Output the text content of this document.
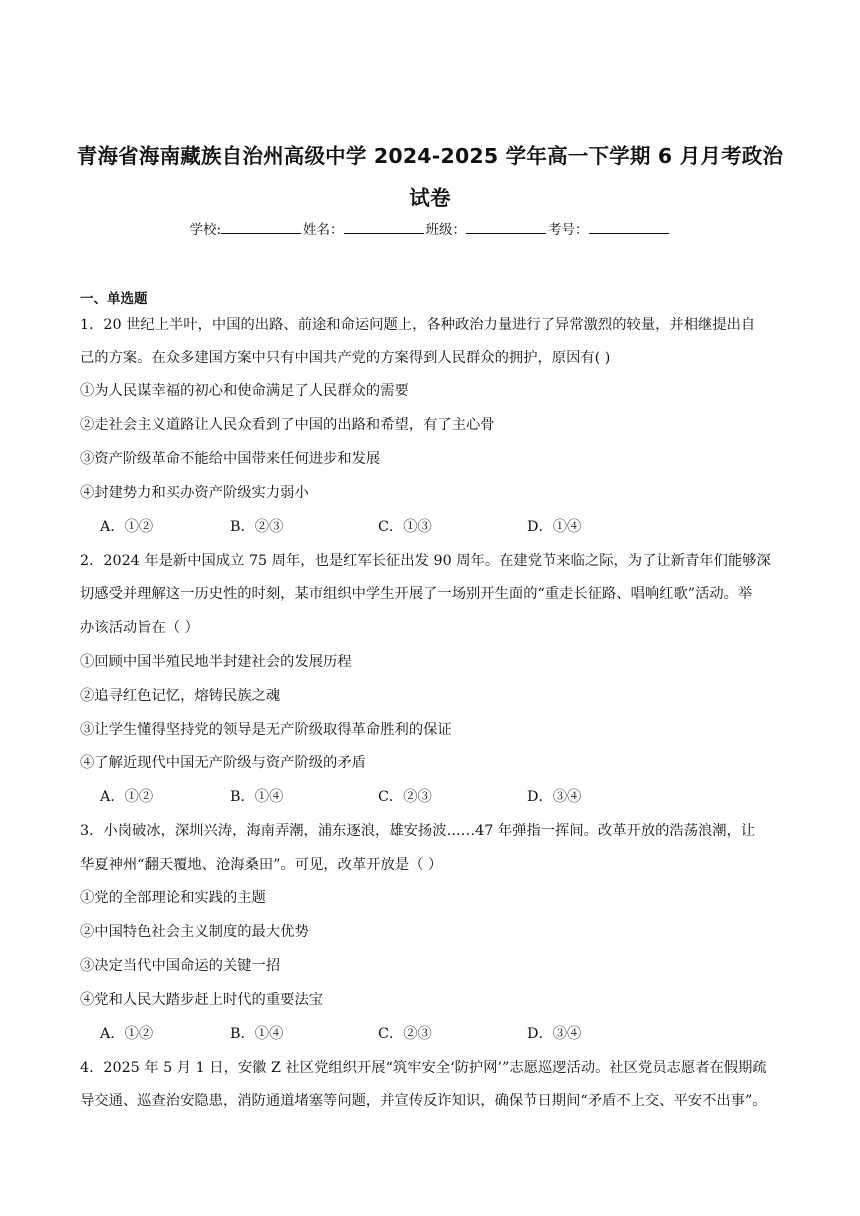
青海省海南藏族自治州高级中学 2024-2025 学年高一下学期 6 月月考政治
试卷
学校:	姓名：	班级：	考号：
一、单选题
1．20 世纪上半叶，中国的出路、前途和命运问题上，各种政治力量进行了异常激烈的较量，并相继提出自
己的方案。在众多建国方案中只有中国共产党的方案得到人民群众的拥护，原因有( )
①为人民谋幸福的初心和使命满足了人民群众的需要
②走社会主义道路让人民众看到了中国的出路和希望，有了主心骨
③资产阶级革命不能给中国带来任何进步和发展
④封建势力和买办资产阶级实力弱小
A．①②	B．②③	C．①③	D．①④
2．2024 年是新中国成立 75 周年，也是红军长征出发 90 周年。在建党节来临之际，为了让新青年们能够深
切感受并理解这一历史性的时刻，某市组织中学生开展了一场别开生面的“重走长征路、唱响红歌”活动。举
办该活动旨在（ ）
①回顾中国半殖民地半封建社会的发展历程
②追寻红色记忆，熔铸民族之魂
③让学生懂得坚持党的领导是无产阶级取得革命胜利的保证
④了解近现代中国无产阶级与资产阶级的矛盾
A．①②	B．①④	C．②③	D．③④
3．小岗破冰，深圳兴涛，海南弄潮，浦东逐浪，雄安扬波……47 年弹指一挥间。改革开放的浩荡浪潮，让
华夏神州“翻天覆地、沧海桑田”。可见，改革开放是（ ）
①党的全部理论和实践的主题
②中国特色社会主义制度的最大优势
③决定当代中国命运的关键一招
④党和人民大踏步赶上时代的重要法宝
A．①②	B．①④	C．②③	D．③④
4．2025 年 5 月 1 日，安徽 Z 社区党组织开展“筑牢安全‘防护网’”志愿巡逻活动。社区党员志愿者在假期疏
导交通、巡查治安隐患，消防通道堵塞等问题，并宣传反诈知识，确保节日期间“矛盾不上交、平安不出事”。
